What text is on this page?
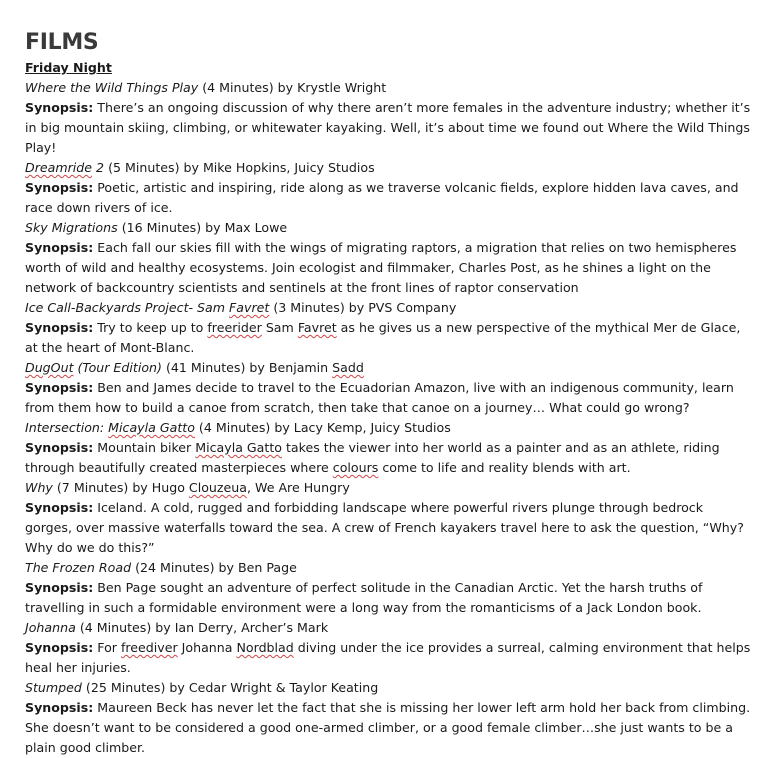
FILMS

Friday Night

Where the Wild Things Play (4 Minutes) by Krystle Wright

Synopsis: There’s an ongoing discussion of why there aren’t more females in the adventure industry; whether it’s in big mountain skiing, climbing, or whitewater kayaking. Well, it’s about time we found out Where the Wild Things Play!

Dreamride 2 (5 Minutes) by Mike Hopkins, Juicy Studios

Synopsis: Poetic, artistic and inspiring, ride along as we traverse volcanic fields, explore hidden lava caves, and race down rivers of ice.

Sky Migrations (16 Minutes) by Max Lowe

Synopsis: Each fall our skies fill with the wings of migrating raptors, a migration that relies on two hemispheres worth of wild and healthy ecosystems. Join ecologist and filmmaker, Charles Post, as he shines a light on the network of backcountry scientists and sentinels at the front lines of raptor conservation

Ice Call-Backyards Project- Sam Favret (3 Minutes) by PVS Company

Synopsis: Try to keep up to freerider Sam Favret as he gives us a new perspective of the mythical Mer de Glace, at the heart of Mont-Blanc.

DugOut (Tour Edition) (41 Minutes) by Benjamin Sadd

Synopsis: Ben and James decide to travel to the Ecuadorian Amazon, live with an indigenous community, learn from them how to build a canoe from scratch, then take that canoe on a journey… What could go wrong?

Intersection: Micayla Gatto (4 Minutes) by Lacy Kemp, Juicy Studios

Synopsis: Mountain biker Micayla Gatto takes the viewer into her world as a painter and as an athlete, riding through beautifully created masterpieces where colours come to life and reality blends with art.

Why (7 Minutes) by Hugo Clouzeua, We Are Hungry

Synopsis: Iceland. A cold, rugged and forbidding landscape where powerful rivers plunge through bedrock gorges, over massive waterfalls toward the sea. A crew of French kayakers travel here to ask the question, “Why? Why do we do this?”

The Frozen Road (24 Minutes) by Ben Page

Synopsis: Ben Page sought an adventure of perfect solitude in the Canadian Arctic. Yet the harsh truths of travelling in such a formidable environment were a long way from the romanticisms of a Jack London book.

Johanna (4 Minutes) by Ian Derry, Archer’s Mark

Synopsis: For freediver Johanna Nordblad diving under the ice provides a surreal, calming environment that helps heal her injuries.

Stumped (25 Minutes) by Cedar Wright & Taylor Keating

Synopsis: Maureen Beck has never let the fact that she is missing her lower left arm hold her back from climbing. She doesn’t want to be considered a good one-armed climber, or a good female climber…she just wants to be a plain good climber.
